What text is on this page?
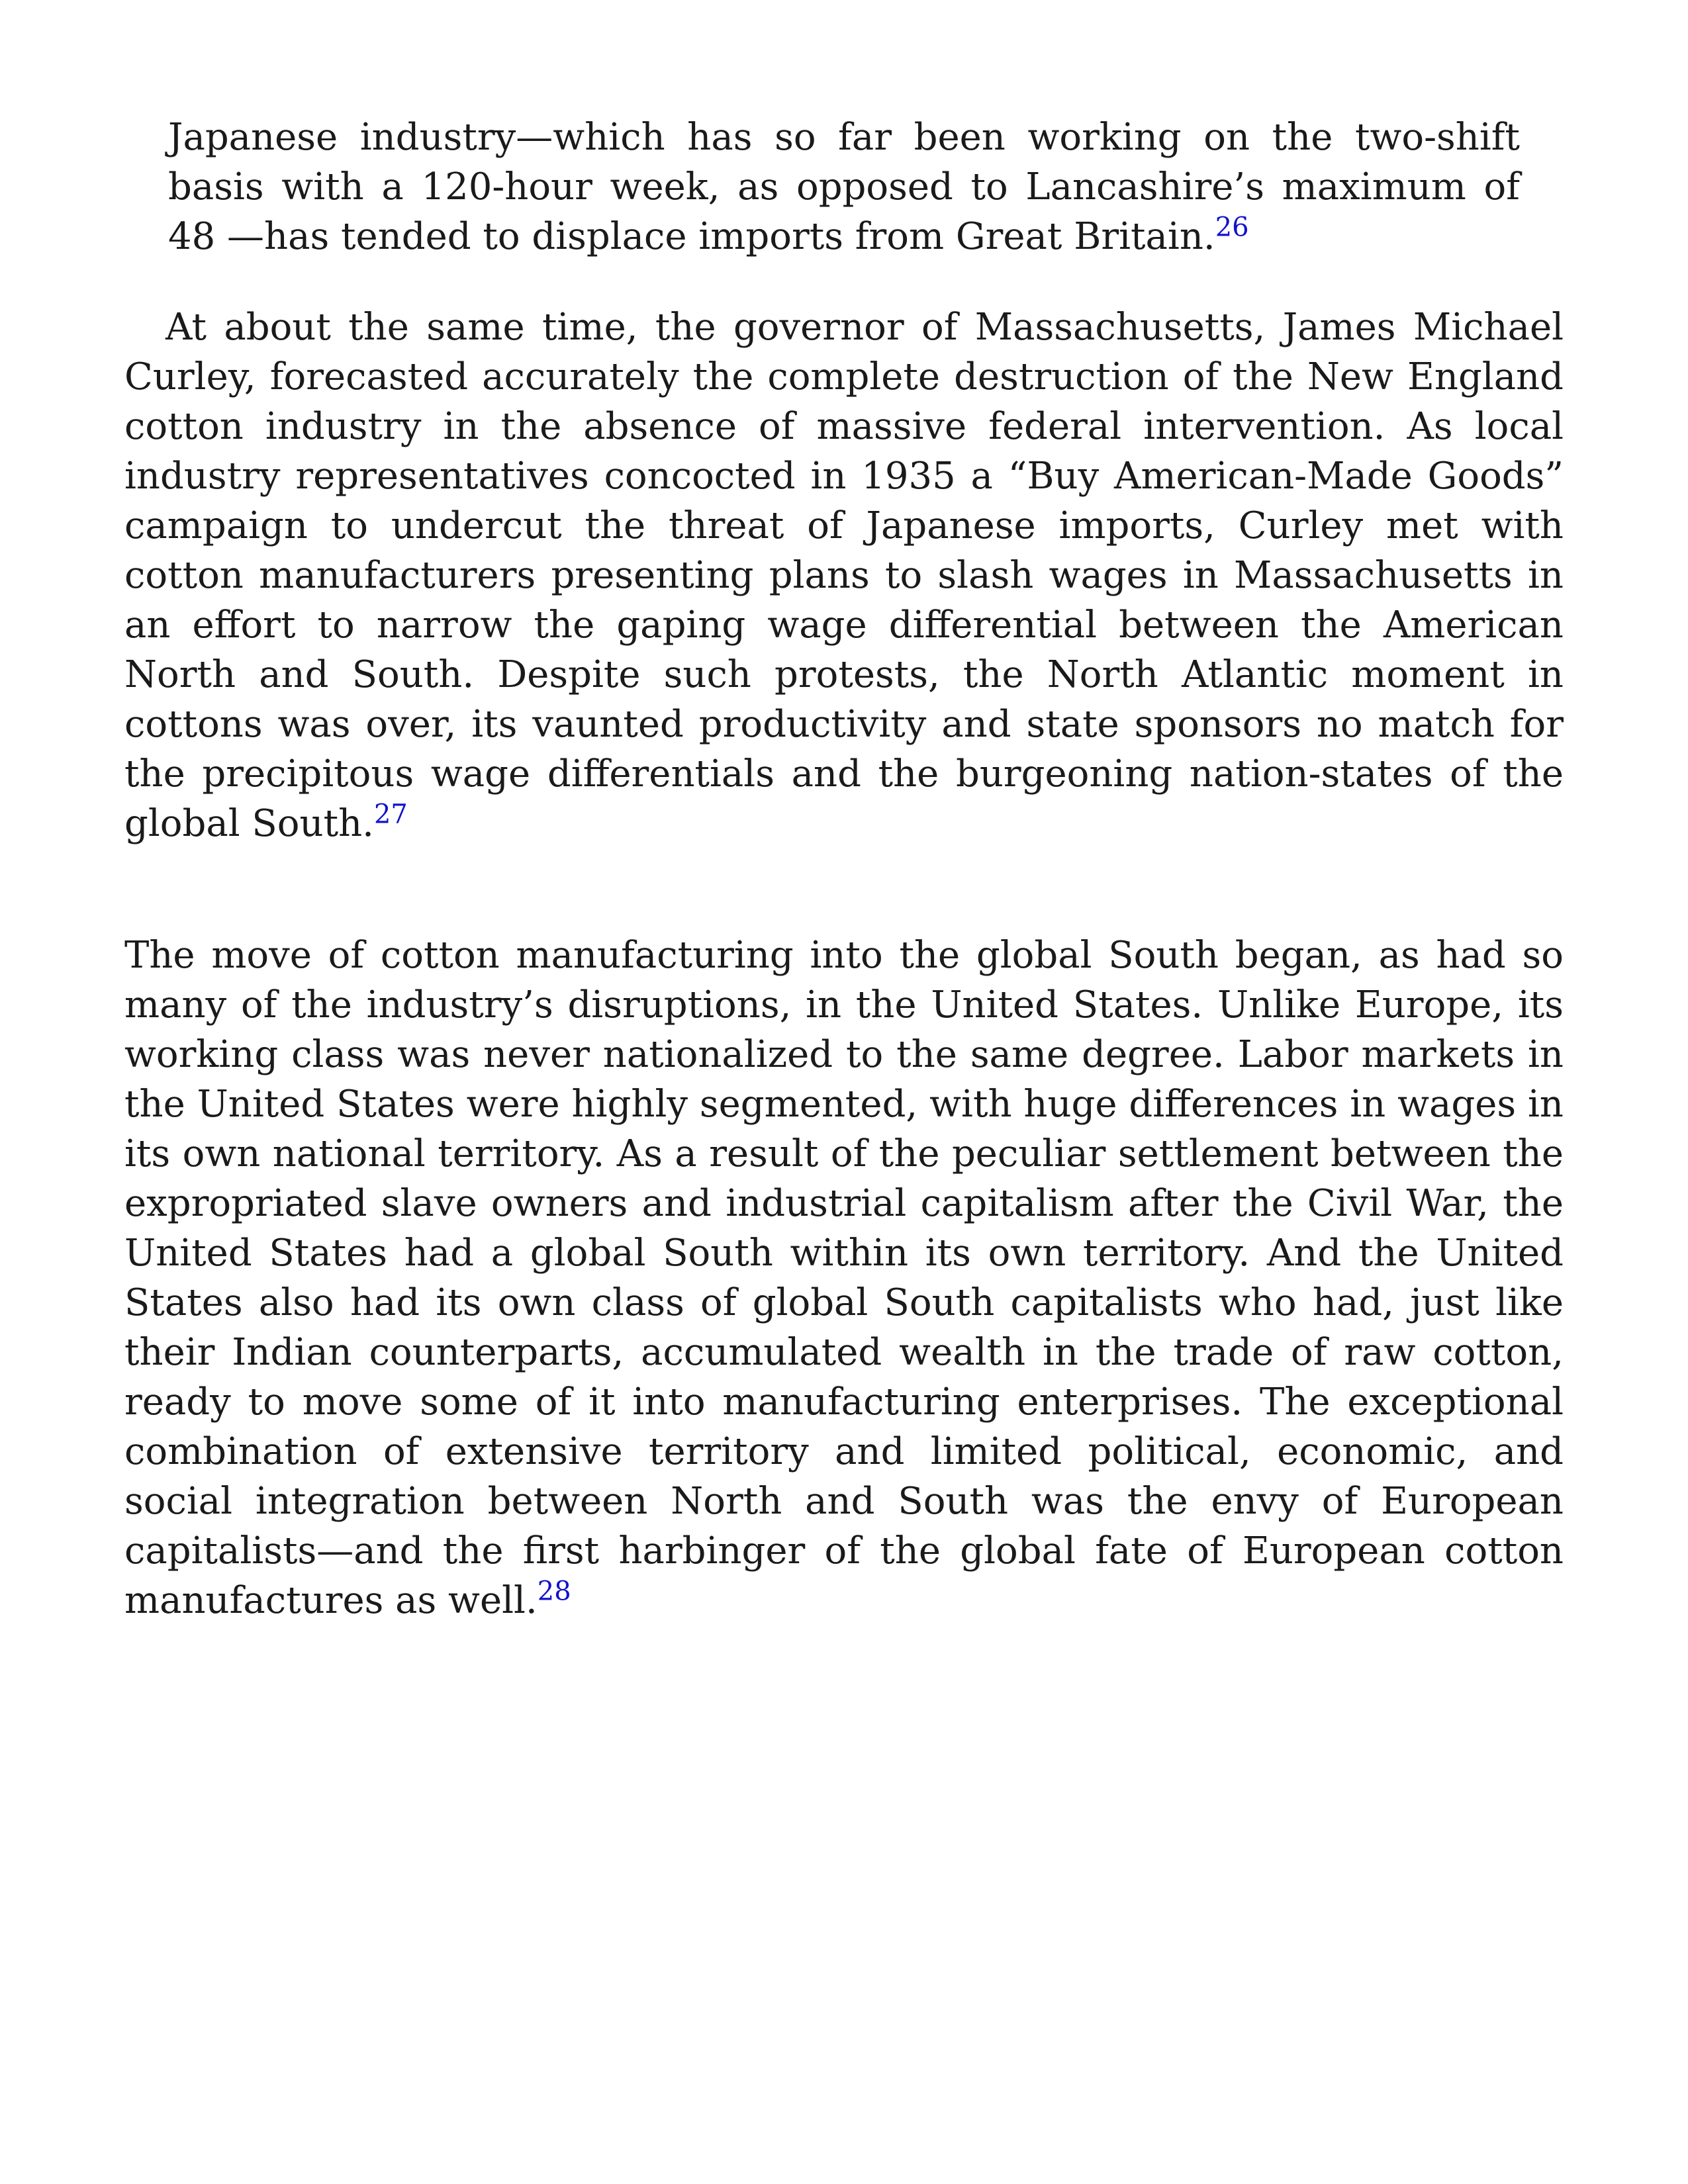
Japanese industry—which has so far been working on the two-shift basis with a 120-hour week, as opposed to Lancashire’s maximum of 48 —has tended to displace imports from Great Britain.$^{26}$

At about the same time, the governor of Massachusetts, James Michael Curley, forecasted accurately the complete destruction of the New England cotton industry in the absence of massive federal intervention. As local industry representatives concocted in 1935 a “Buy American-Made Goods” campaign to undercut the threat of Japanese imports, Curley met with cotton manufacturers presenting plans to slash wages in Massachusetts in an effort to narrow the gaping wage differential between the American North and South. Despite such protests, the North Atlantic moment in cottons was over, its vaunted productivity and state sponsors no match for the precipitous wage differentials and the burgeoning nation-states of the global South.$^{27}$

The move of cotton manufacturing into the global South began, as had so many of the industry’s disruptions, in the United States. Unlike Europe, its working class was never nationalized to the same degree. Labor markets in the United States were highly segmented, with huge differences in wages in its own national territory. As a result of the peculiar settlement between the expropriated slave owners and industrial capitalism after the Civil War, the United States had a global South within its own territory. And the United States also had its own class of global South capitalists who had, just like their Indian counterparts, accumulated wealth in the trade of raw cotton, ready to move some of it into manufacturing enterprises. The exceptional combination of extensive territory and limited political, economic, and social integration between North and South was the envy of European capitalists—and the first harbinger of the global fate of European cotton manufactures as well.$^{28}$
